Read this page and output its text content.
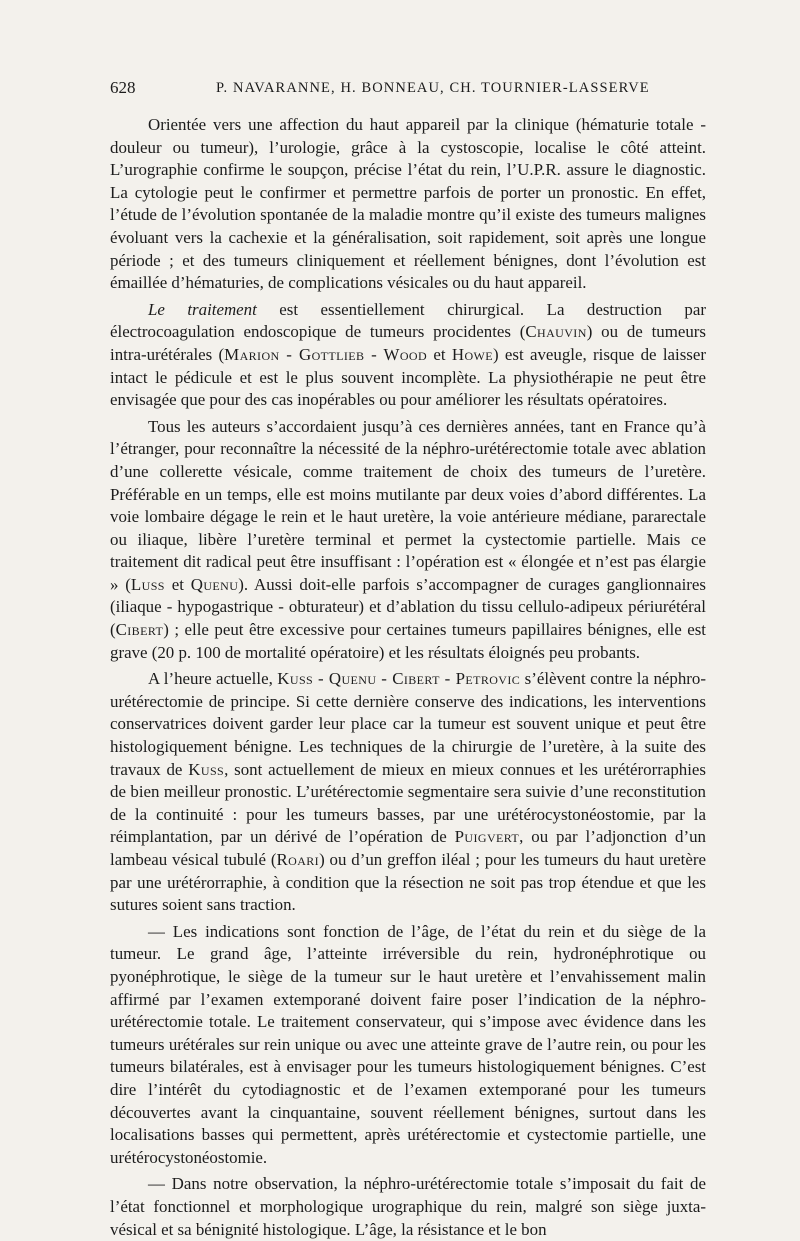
628	P. NAVARANNE, H. BONNEAU, CH. TOURNIER-LASSERVE

Orientée vers une affection du haut appareil par la clinique (hématurie totale - douleur ou tumeur), l’urologie, grâce à la cystoscopie, localise le côté atteint. L’urographie confirme le soupçon, précise l’état du rein, l’U.P.R. assure le diagnostic. La cytologie peut le confirmer et permettre parfois de porter un pronostic. En effet, l’étude de l’évolution spontanée de la maladie montre qu’il existe des tumeurs malignes évoluant vers la cachexie et la généralisation, soit rapidement, soit après une longue période ; et des tumeurs cliniquement et réellement bénignes, dont l’évolution est émaillée d’hématuries, de complications vésicales ou du haut appareil.

Le traitement est essentiellement chirurgical. La destruction par électrocoagulation endoscopique de tumeurs procidentes (Chauvin) ou de tumeurs intra-urétérales (Marion - Gottlieb - Wood et Howe) est aveugle, risque de laisser intact le pédicule et est le plus souvent incomplète. La physiothérapie ne peut être envisagée que pour des cas inopérables ou pour améliorer les résultats opératoires.

Tous les auteurs s’accordaient jusqu’à ces dernières années, tant en France qu’à l’étranger, pour reconnaître la nécessité de la néphro-urétérectomie totale avec ablation d’une collerette vésicale, comme traitement de choix des tumeurs de l’uretère. Préférable en un temps, elle est moins mutilante par deux voies d’abord différentes. La voie lombaire dégage le rein et le haut uretère, la voie antérieure médiane, pararectale ou iliaque, libère l’uretère terminal et permet la cystectomie partielle. Mais ce traitement dit radical peut être insuffisant : l’opération est « élongée et n’est pas élargie » (Luss et Quenu). Aussi doit-elle parfois s’accompagner de curages ganglionnaires (iliaque - hypogastrique - obturateur) et d’ablation du tissu cellulo-adipeux périurétéral (Cibert) ; elle peut être excessive pour certaines tumeurs papillaires bénignes, elle est grave (20 p. 100 de mortalité opératoire) et les résultats éloignés peu probants.

A l’heure actuelle, Kuss - Quenu - Cibert - Petrovic s’élèvent contre la néphro-urétérectomie de principe. Si cette dernière conserve des indications, les interventions conservatrices doivent garder leur place car la tumeur est souvent unique et peut être histologiquement bénigne. Les techniques de la chirurgie de l’uretère, à la suite des travaux de Kuss, sont actuellement de mieux en mieux connues et les urétérorraphies de bien meilleur pronostic. L’urétérectomie segmentaire sera suivie d’une reconstitution de la continuité : pour les tumeurs basses, par une urétérocystonéostomie, par la réimplantation, par un dérivé de l’opération de Puigvert, ou par l’adjonction d’un lambeau vésical tubulé (Roari) ou d’un greffon iléal ; pour les tumeurs du haut uretère par une urétérorraphie, à condition que la résection ne soit pas trop étendue et que les sutures soient sans traction.

— Les indications sont fonction de l’âge, de l’état du rein et du siège de la tumeur. Le grand âge, l’atteinte irréversible du rein, hydronéphrotique ou pyonéphrotique, le siège de la tumeur sur le haut uretère et l’envahissement malin affirmé par l’examen extemporané doivent faire poser l’indication de la néphro-urétérectomie totale. Le traitement conservateur, qui s’impose avec évidence dans les tumeurs urétérales sur rein unique ou avec une atteinte grave de l’autre rein, ou pour les tumeurs bilatérales, est à envisager pour les tumeurs histologiquement bénignes. C’est dire l’intérêt du cytodiagnostic et de l’examen extemporané pour les tumeurs découvertes avant la cinquantaine, souvent réellement bénignes, surtout dans les localisations basses qui permettent, après urétérectomie et cystectomie partielle, une urétérocystonéostomie.

— Dans notre observation, la néphro-urétérectomie totale s’imposait du fait de l’état fonctionnel et morphologique urographique du rein, malgré son siège juxta-vésical et sa bénignité histologique. L’âge, la résistance et le bon
